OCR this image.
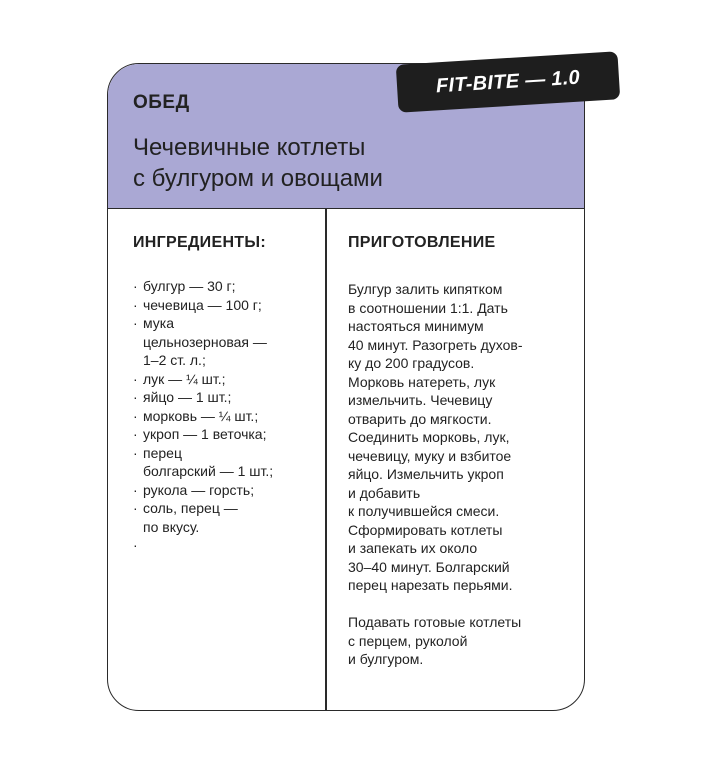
ОБЕД
Чечевичные котлеты
с булгуром и овощами
ИНГРЕДИЕНТЫ:
· булгур — 30 г;
· чечевица — 100 г;
· мука
цельнозерновая —
1–2 ст. л.;
· лук — ¼ шт.;
· яйцо — 1 шт.;
· морковь — ¼ шт.;
· укроп — 1 веточка;
· перец
болгарский — 1 шт.;
· рукола — горсть;
· соль, перец —
по вкусу.
·
ПРИГОТОВЛЕНИЕ

Булгур залить кипятком
в соотношении 1:1. Дать
настояться минимум
40 минут. Разогреть духов-
ку до 200 градусов.
Морковь натереть, лук
измельчить. Чечевицу
отварить до мягкости.
Соединить морковь, лук,
чечевицу, муку и взбитое
яйцо. Измельчить укроп
и добавить
к получившейся смеси.
Сформировать котлеты
и запекать их около
30–40 минут. Болгарский
перец нарезать перьями.

Подавать готовые котлеты
с перцем, руколой
и булгуром.

FIT-BITE — 1.0
